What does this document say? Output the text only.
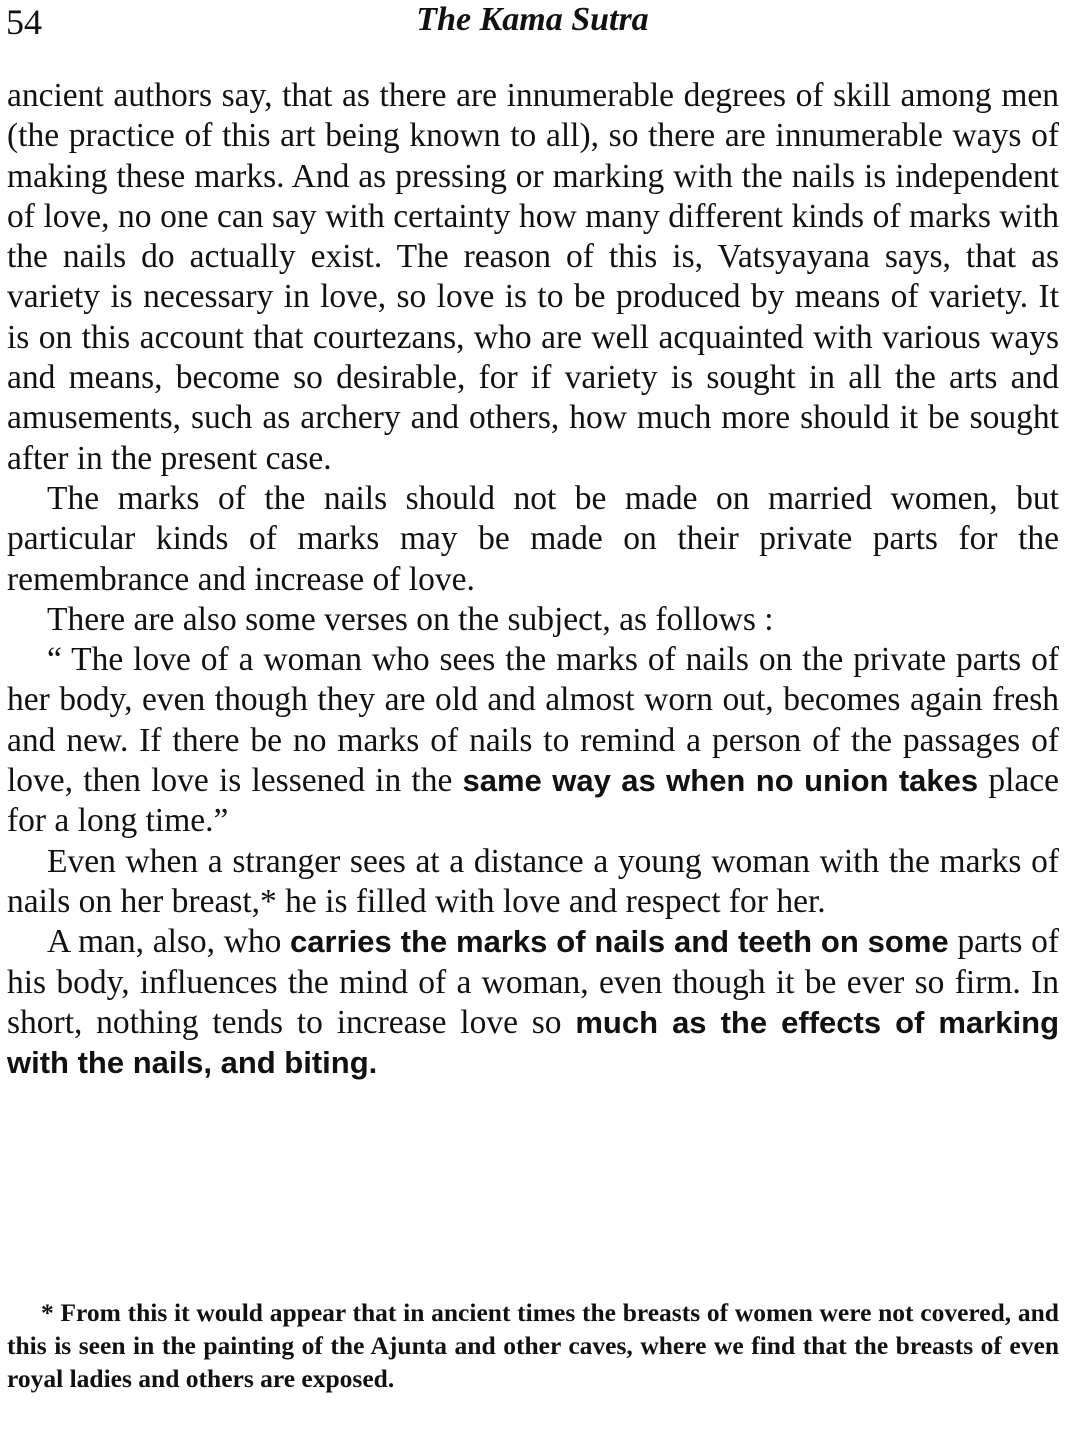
54	The Kama Sutra

ancient authors say, that as there are innumerable degrees of skill among men (the practice of this art being known to all), so there are innumerable ways of making these marks. And as pressing or marking with the nails is independent of love, no one can say with certainty how many different kinds of marks with the nails do actually exist. The reason of this is, Vatsyayana says, that as variety is necessary in love, so love is to be produced by means of variety. It is on this account that courtezans, who are well acquainted with various ways and means, become so desirable, for if variety is sought in all the arts and amusements, such as archery and others, how much more should it be sought after in the present case.

The marks of the nails should not be made on married women, but particular kinds of marks may be made on their private parts for the remembrance and increase of love.

There are also some verses on the subject, as follows :

“ The love of a woman who sees the marks of nails on the private parts of her body, even though they are old and almost worn out, becomes again fresh and new. If there be no marks of nails to remind a person of the passages of love, then love is lessened in the same way as when no union takes place for a long time.”

Even when a stranger sees at a distance a young woman with the marks of nails on her breast,* he is filled with love and respect for her.

A man, also, who carries the marks of nails and teeth on some parts of his body, influences the mind of a woman, even though it be ever so firm. In short, nothing tends to increase love so much as the effects of marking with the nails, and biting.

* From this it would appear that in ancient times the breasts of women were not covered, and this is seen in the painting of the Ajunta and other caves, where we find that the breasts of even royal ladies and others are exposed.
